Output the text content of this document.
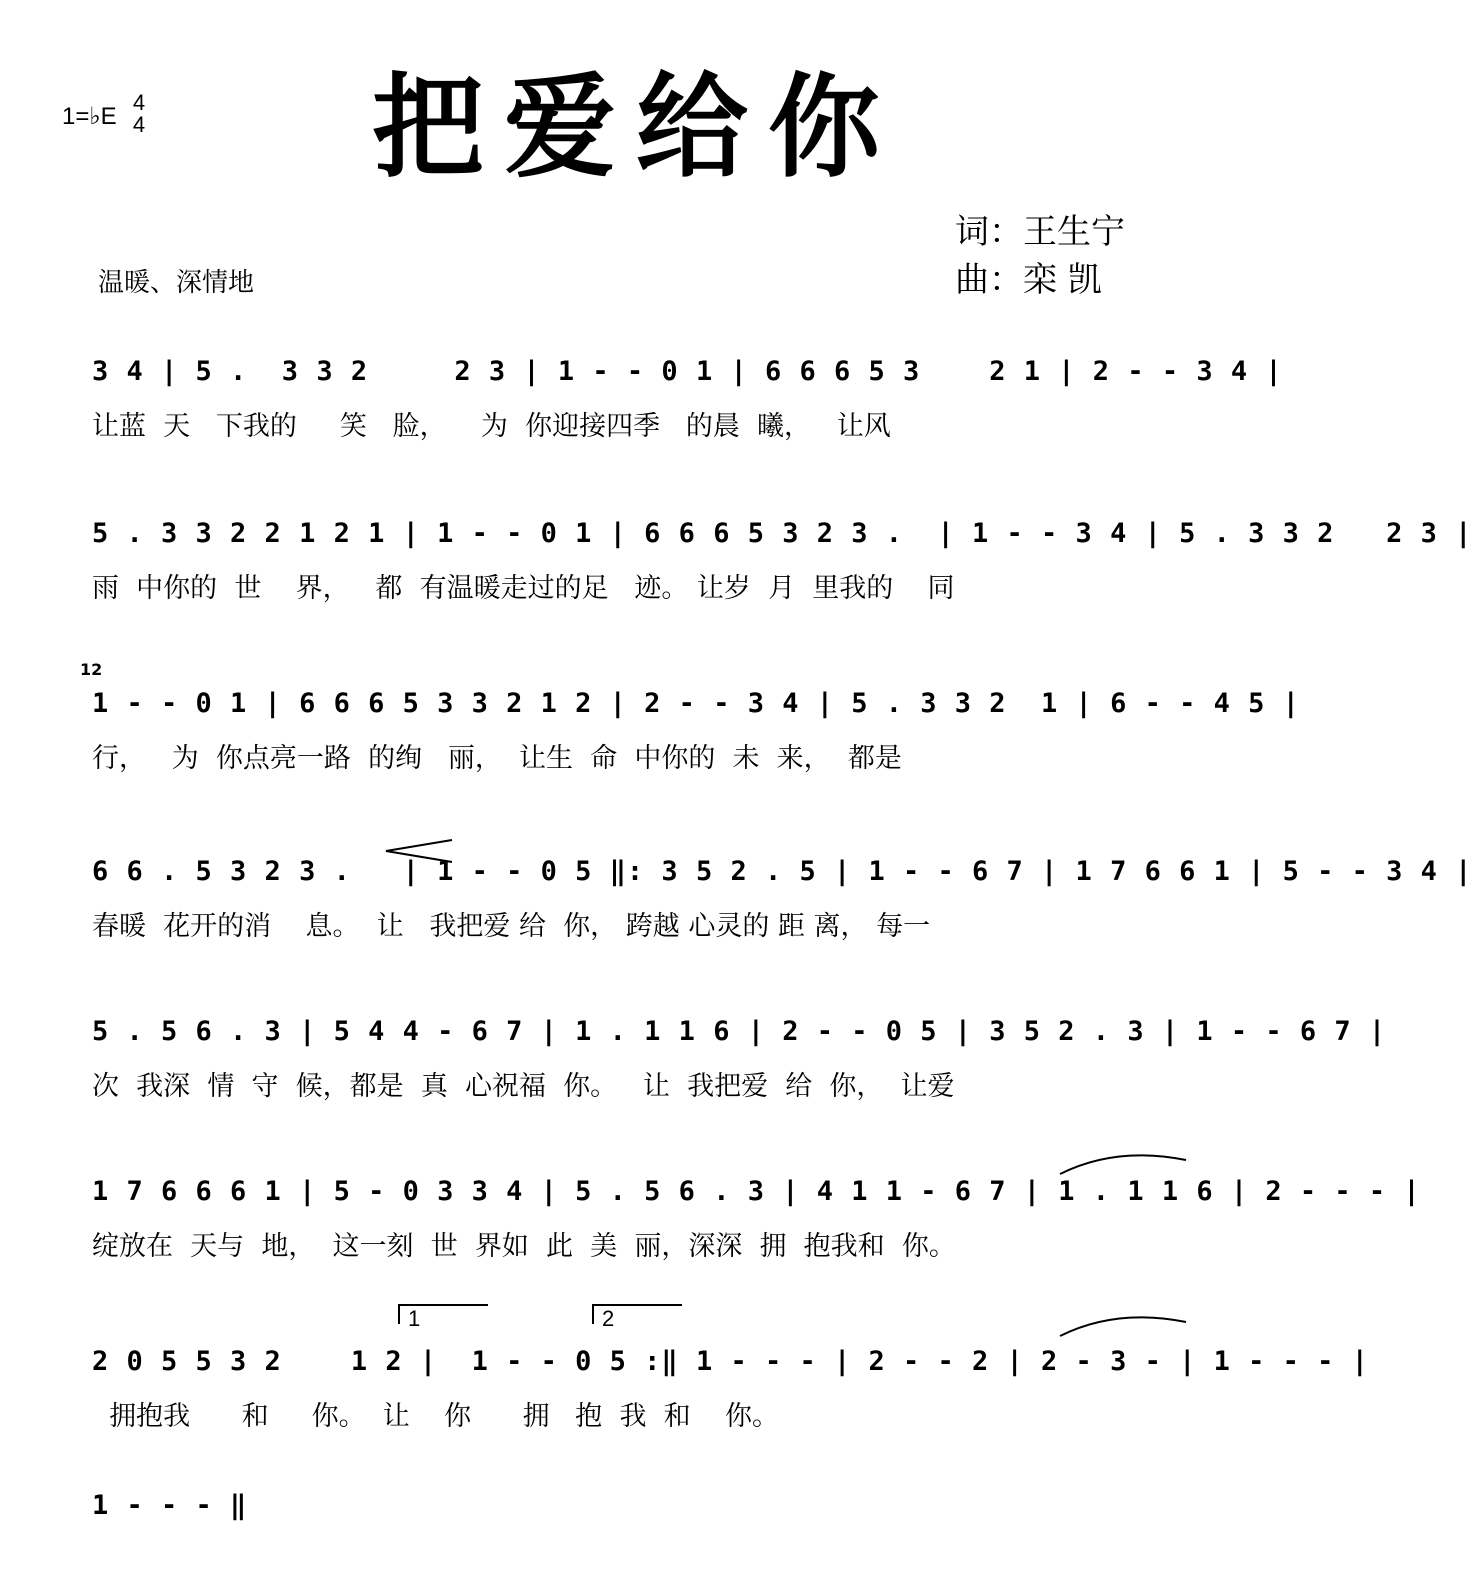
1=♭E
4
4	把爱给你
词：王生宁
曲：栾 凯
温暖、深情地
3 4 | 5 .  3 3 2     2 3 | 1 - - 0 1 | 6 6 6 5 3    2 1 | 2 - - 3 4 |
让蓝  天   下我的     笑   脸，    为  你迎接四季   的晨  曦，   让风
5 . 3 3 2 2 1 2 1 | 1 - - 0 1 | 6 6 6 5 3 2 3 .  | 1 - - 3 4 | 5 . 3 3 2   2 3 |
雨  中你的  世    界，   都  有温暖走过的足   迹。 让岁  月  里我的    同
12
1 - - 0 1 | 6 6 6 5 3 3 2 1 2 | 2 - - 3 4 | 5 . 3 3 2  1 | 6 - - 4 5 |
行，   为  你点亮一路  的绚   丽，  让生  命  中你的  未  来，  都是
6 6 . 5 3 2 3 .   | 1 - - 0 5 ‖: 3 5 2 . 5 | 1 - - 6 7 | 1 7 6 6 1 | 5 - - 3 4 |
春暖  花开的消    息。  让   我把爱 给  你， 跨越 心灵的 距 离， 每一
5 . 5 6 . 3 | 5 4 4 - 6 7 | 1 . 1 1 6 | 2 - - 0 5 | 3 5 2 . 3 | 1 - - 6 7 |
次  我深  情  守  候，都是  真  心祝福  你。   让  我把爱  给  你，  让爱
1 7 6 6 6 1 | 5 - 0 3 3 4 | 5 . 5 6 . 3 | 4 1 1 - 6 7 | 1 . 1 1 6 | 2 - - - |
绽放在  天与  地，  这一刻  世  界如  此  美  丽，深深  拥  抱我和  你。
1	2
2 0 5 5 3 2    1 2 |  1 - - 0 5 :‖ 1 - - - | 2 - - 2 | 2 - 3 - | 1 - - - |
拥抱我      和     你。  让    你      拥   抱  我  和    你。
1 - - - ‖
